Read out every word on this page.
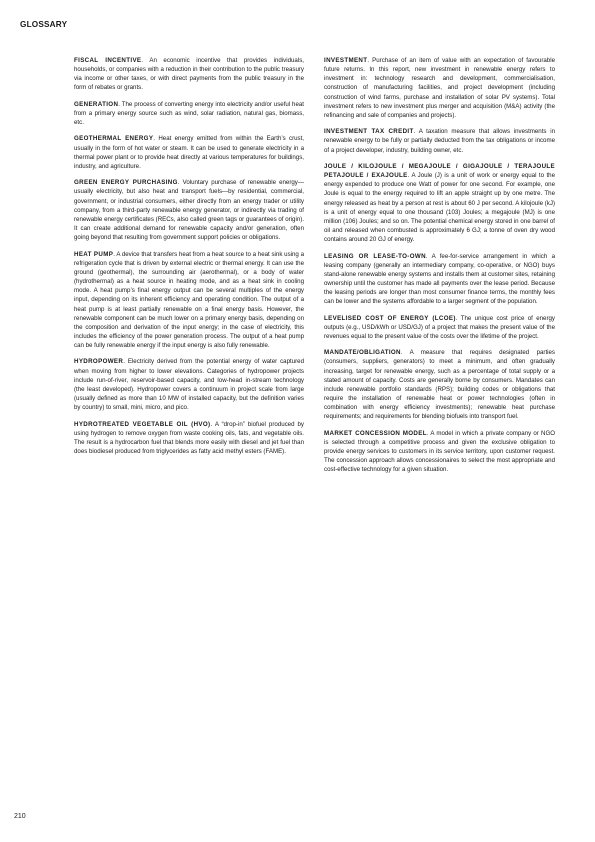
GLOSSARY

FISCAL INCENTIVE. An economic incentive that provides individuals, households, or companies with a reduction in their contribution to the public treasury via income or other taxes, or with direct payments from the public treasury in the form of rebates or grants.

GENERATION. The process of converting energy into electricity and/or useful heat from a primary energy source such as wind, solar radiation, natural gas, biomass, etc.

GEOTHERMAL ENERGY. Heat energy emitted from within the Earth’s crust, usually in the form of hot water or steam. It can be used to generate electricity in a thermal power plant or to provide heat directly at various temperatures for buildings, industry, and agriculture.

GREEN ENERGY PURCHASING. Voluntary purchase of renewable energy—usually electricity, but also heat and transport fuels—by residential, commercial, government, or industrial consumers, either directly from an energy trader or utility company, from a third-party renewable energy generator, or indirectly via trading of renewable energy certificates (RECs, also called green tags or guarantees of origin). It can create additional demand for renewable capacity and/or generation, often going beyond that resulting from government support policies or obligations.

HEAT PUMP. A device that transfers heat from a heat source to a heat sink using a refrigeration cycle that is driven by external electric or thermal energy. It can use the ground (geothermal), the surrounding air (aerothermal), or a body of water (hydrothermal) as a heat source in heating mode, and as a heat sink in cooling mode. A heat pump’s final energy output can be several multiples of the energy input, depending on its inherent efficiency and operating condition. The output of a heat pump is at least partially renewable on a final energy basis. However, the renewable component can be much lower on a primary energy basis, depending on the composition and derivation of the input energy; in the case of electricity, this includes the efficiency of the power generation process. The output of a heat pump can be fully renewable energy if the input energy is also fully renewable.

HYDROPOWER. Electricity derived from the potential energy of water captured when moving from higher to lower elevations. Categories of hydropower projects include run-of-river, reservoir-based capacity, and low-head in-stream technology (the least developed). Hydropower covers a continuum in project scale from large (usually defined as more than 10 MW of installed capacity, but the definition varies by country) to small, mini, micro, and pico.

HYDROTREATED VEGETABLE OIL (HVO). A “drop-in” biofuel produced by using hydrogen to remove oxygen from waste cooking oils, fats, and vegetable oils. The result is a hydrocarbon fuel that blends more easily with diesel and jet fuel than does biodiesel produced from triglycerides as fatty acid methyl esters (FAME).

INVESTMENT. Purchase of an item of value with an expectation of favourable future returns. In this report, new investment in renewable energy refers to investment in: technology research and development, commercialisation, construction of manufacturing facilities, and project development (including construction of wind farms, purchase and installation of solar PV systems). Total investment refers to new investment plus merger and acquisition (M&A) activity (the refinancing and sale of companies and projects).

INVESTMENT TAX CREDIT. A taxation measure that allows investments in renewable energy to be fully or partially deducted from the tax obligations or income of a project developer, industry, building owner, etc.

JOULE / KILOJOULE / MEGAJOULE / GIGAJOULE / TERAJOULE PETAJOULE / EXAJOULE. A Joule (J) is a unit of work or energy equal to the energy expended to produce one Watt of power for one second. For example, one Joule is equal to the energy required to lift an apple straight up by one metre. The energy released as heat by a person at rest is about 60 J per second. A kilojoule (kJ) is a unit of energy equal to one thousand (103) Joules; a megajoule (MJ) is one million (106) Joules; and so on. The potential chemical energy stored in one barrel of oil and released when combusted is approximately 6 GJ; a tonne of oven dry wood contains around 20 GJ of energy.

LEASING OR LEASE-TO-OWN. A fee-for-service arrangement in which a leasing company (generally an intermediary company, co-operative, or NGO) buys stand-alone renewable energy systems and installs them at customer sites, retaining ownership until the customer has made all payments over the lease period. Because the leasing periods are longer than most consumer finance terms, the monthly fees can be lower and the systems affordable to a larger segment of the population.

LEVELISED COST OF ENERGY (LCOE). The unique cost price of energy outputs (e.g., USD/kWh or USD/GJ) of a project that makes the present value of the revenues equal to the present value of the costs over the lifetime of the project.

MANDATE/OBLIGATION. A measure that requires designated parties (consumers, suppliers, generators) to meet a minimum, and often gradually increasing, target for renewable energy, such as a percentage of total supply or a stated amount of capacity. Costs are generally borne by consumers. Mandates can include renewable portfolio standards (RPS); building codes or obligations that require the installation of renewable heat or power technologies (often in combination with energy efficiency investments); renewable heat purchase requirements; and requirements for blending biofuels into transport fuel.

MARKET CONCESSION MODEL. A model in which a private company or NGO is selected through a competitive process and given the exclusive obligation to provide energy services to customers in its service territory, upon customer request. The concession approach allows concessionaires to select the most appropriate and cost-effective technology for a given situation.

210
